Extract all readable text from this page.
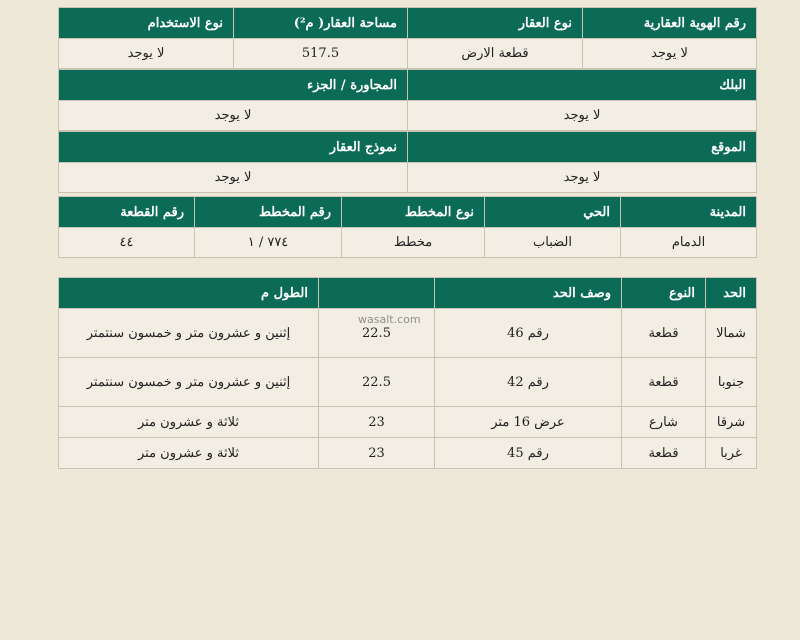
رقم الهوية العقارية	نوع العقار	مساحة العقار( م²)	نوع الاستخدام
لا يوجد	قطعة الارض	517.5	لا يوجد
البلك	المجاورة / الجزء
لا يوجد	لا يوجد
الموقع	نموذج العقار
لا يوجد	لا يوجد
المدينة	الحي	نوع المخطط	رقم المخطط	رقم القطعة
الدمام	الضباب	مخطط	٧٧٤ / ١	٤٤
الحد	النوع	وصف الحد		الطول م
شمالا	قطعة	رقم 46	22.5	إثنين و عشرون متر و خمسون سنتمتر
جنوبا	قطعة	رقم 42	22.5	إثنين و عشرون متر و خمسون سنتمتر
شرقا	شارع	عرض 16 متر	23	ثلاثة و عشرون متر
غربا	قطعة	رقم 45	23	ثلاثة و عشرون متر
wasalt.com
